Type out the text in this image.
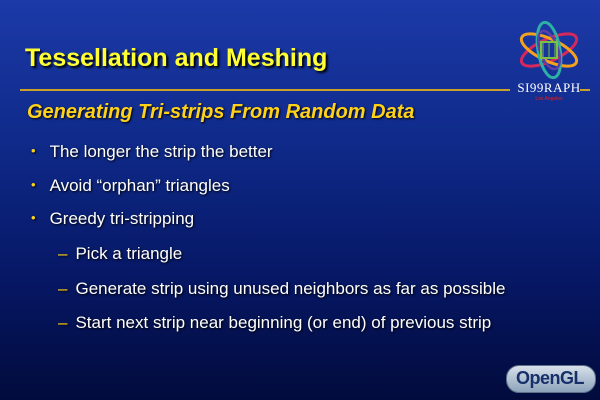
Tessellation and Meshing
SI99RAPH
Los Angeles
Generating Tri-strips From Random Data
• The longer the strip the better
• Avoid “orphan” triangles
• Greedy tri-stripping
– Pick a triangle
– Generate strip using unused neighbors as far as possible
– Start next strip near beginning (or end) of previous strip
OpenGL
